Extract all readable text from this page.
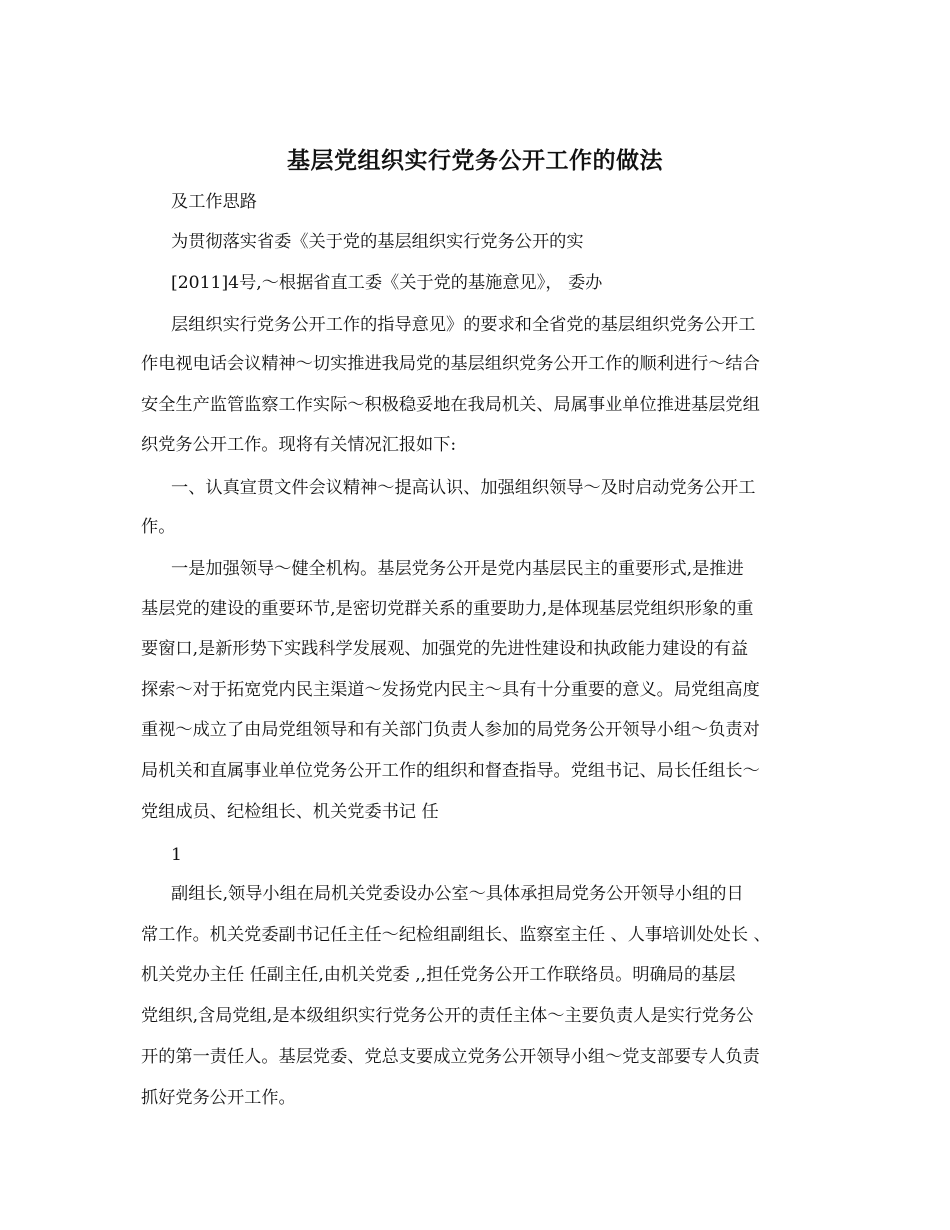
基层党组织实行党务公开工作的做法
及工作思路
为贯彻落实省委《关于党的基层组织实行党务公开的实
[2011]4号,～根据省直工委《关于党的基施意见》， 委办
层组织实行党务公开工作的指导意见》的要求和全省党的基层组织党务公开工
作电视电话会议精神～切实推进我局党的基层组织党务公开工作的顺利进行～结合
安全生产监管监察工作实际～积极稳妥地在我局机关、局属事业单位推进基层党组
织党务公开工作。现将有关情况汇报如下:
一、认真宣贯文件会议精神～提高认识、加强组织领导～及时启动党务公开工
作。
一是加强领导～健全机构。基层党务公开是党内基层民主的重要形式,是推进
基层党的建设的重要环节,是密切党群关系的重要助力,是体现基层党组织形象的重
要窗口,是新形势下实践科学发展观、加强党的先进性建设和执政能力建设的有益
探索～对于拓宽党内民主渠道～发扬党内民主～具有十分重要的意义。局党组高度
重视～成立了由局党组领导和有关部门负责人参加的局党务公开领导小组～负责对
局机关和直属事业单位党务公开工作的组织和督查指导。党组书记、局长任组长～
党组成员、纪检组长、机关党委书记 任
1
副组长,领导小组在局机关党委设办公室～具体承担局党务公开领导小组的日
常工作。机关党委副书记任主任～纪检组副组长、监察室主任 、人事培训处处长 、
机关党办主任 任副主任,由机关党委 ,,担任党务公开工作联络员。明确局的基层
党组织,含局党组,是本级组织实行党务公开的责任主体～主要负责人是实行党务公
开的第一责任人。基层党委、党总支要成立党务公开领导小组～党支部要专人负责
抓好党务公开工作。
